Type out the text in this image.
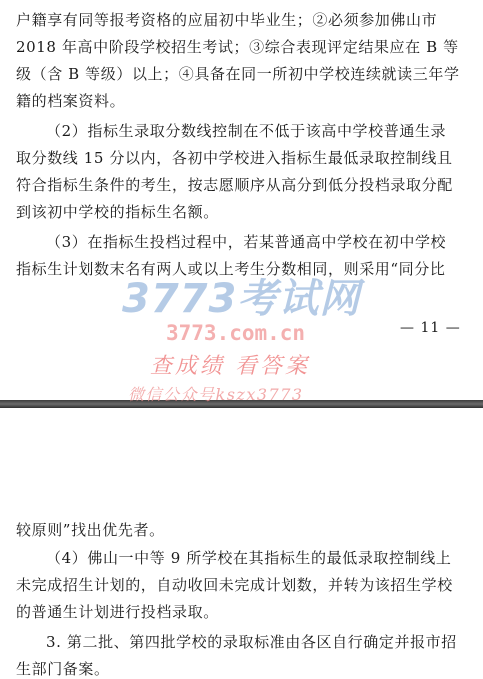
户籍享有同等报考资格的应届初中毕业生；②必须参加佛山市
2018 年高中阶段学校招生考试；③综合表现评定结果应在 B 等
级（含 B 等级）以上；④具备在同一所初中学校连续就读三年学
籍的档案资料。
（2）指标生录取分数线控制在不低于该高中学校普通生录
取分数线 15 分以内，各初中学校进入指标生最低录取控制线且
符合指标生条件的考生，按志愿顺序从高分到低分投档录取分配
到该初中学校的指标生名额。
（3）在指标生投档过程中，若某普通高中学校在初中学校
指标生计划数末名有两人或以上考生分数相同，则采用“同分比
— 11 —
3773考试网
3773.com.cn
查成绩 看答案
微信公众号kszx3773
较原则”找出优先者。
（4）佛山一中等 9 所学校在其指标生的最低录取控制线上
未完成招生计划的，自动收回未完成计划数，并转为该招生学校
的普通生计划进行投档录取。
3. 第二批、第四批学校的录取标准由各区自行确定并报市招
生部门备案。
